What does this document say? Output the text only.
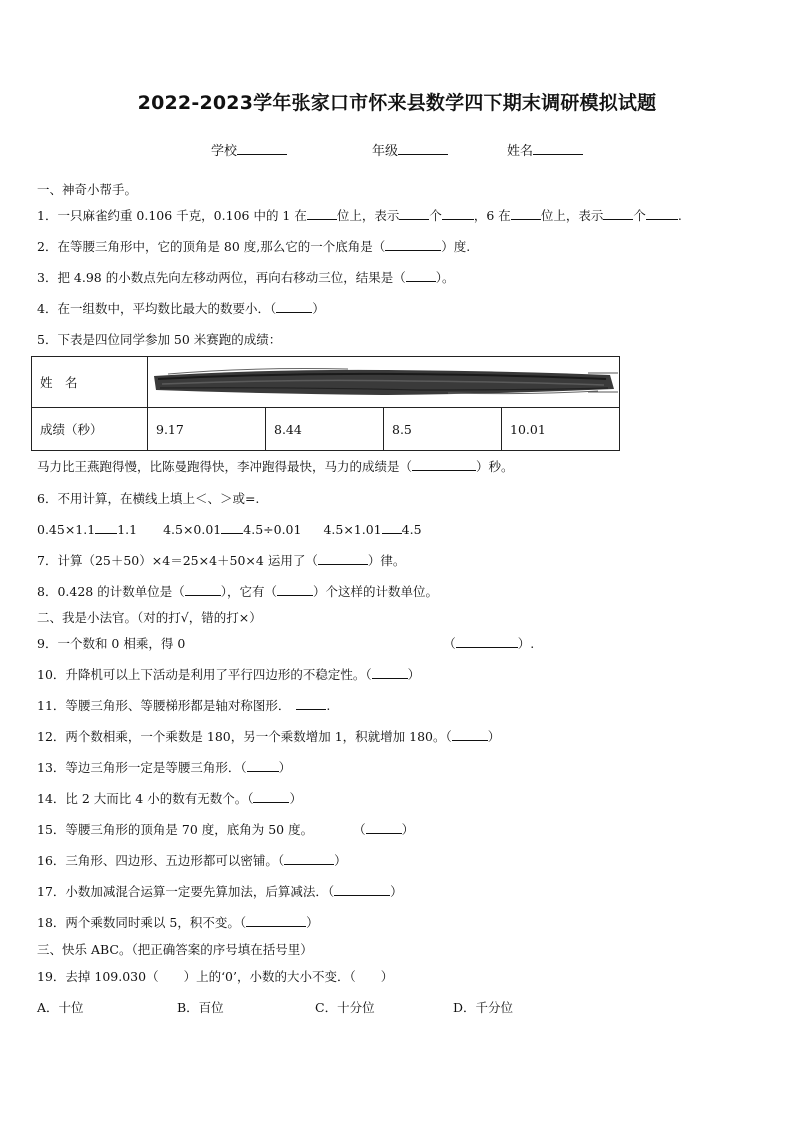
2022-2023学年张家口市怀来县数学四下期末调研模拟试题
学校	年级	姓名
一、神奇小帮手。
1．一只麻雀约重 0.106 千克，0.106 中的 1 在 位上，表示 个	，6 在 位上，表示 个	.
2．在等腰三角形中，它的顶角是 80 度,那么它的一个底角是（	）度.
3．把 4.98 的小数点先向左移动两位，再向右移动三位，结果是（ ）。
4．在一组数中，平均数比最大的数要小．（	）
5．下表是四位同学参加 50 米赛跑的成绩：
姓　名	

成绩（秒）	9.17	8.44	8.5	10.01
马力比王燕跑得慢，比陈曼跑得快，李冲跑得最快，马力的成绩是（	）秒。
6．不用计算，在横线上填上＜、＞或=.
0.45×1.1 1.1 4.5×0.01 4.5÷0.01 4.5×1.01 4.5
7．计算（25＋50）×4＝25×4＋50×4 运用了（	）律。
8．0.428 的计数单位是（	），它有（	）个这样的计数单位。
二、我是小法官。（对的打√，错的打×）
9．一个数和 0 相乘，得 0	（	）.
10．升降机可以上下活动是利用了平行四边形的不稳定性。（	）
11．等腰三角形、等腰梯形都是轴对称图形．	.
12．两个数相乘，一个乘数是 180，另一个乘数增加 1，积就增加 180。（	）
13．等边三角形一定是等腰三角形．（	）
14．比 2 大而比 4 小的数有无数个。（	）
15．等腰三角形的顶角是 70 度，底角为 50 度。	（	）
16．三角形、四边形、五边形都可以密铺。（	）
17．小数加减混合运算一定要先算加法，后算减法．（	）
18．两个乘数同时乘以 5，积不变。（	）
三、快乐 ABC。（把正确答案的序号填在括号里）
19．去掉 109.030（　　）上的‘0’，小数的大小不变．（　　）
A．十位	B．百位	C．十分位	D．千分位
